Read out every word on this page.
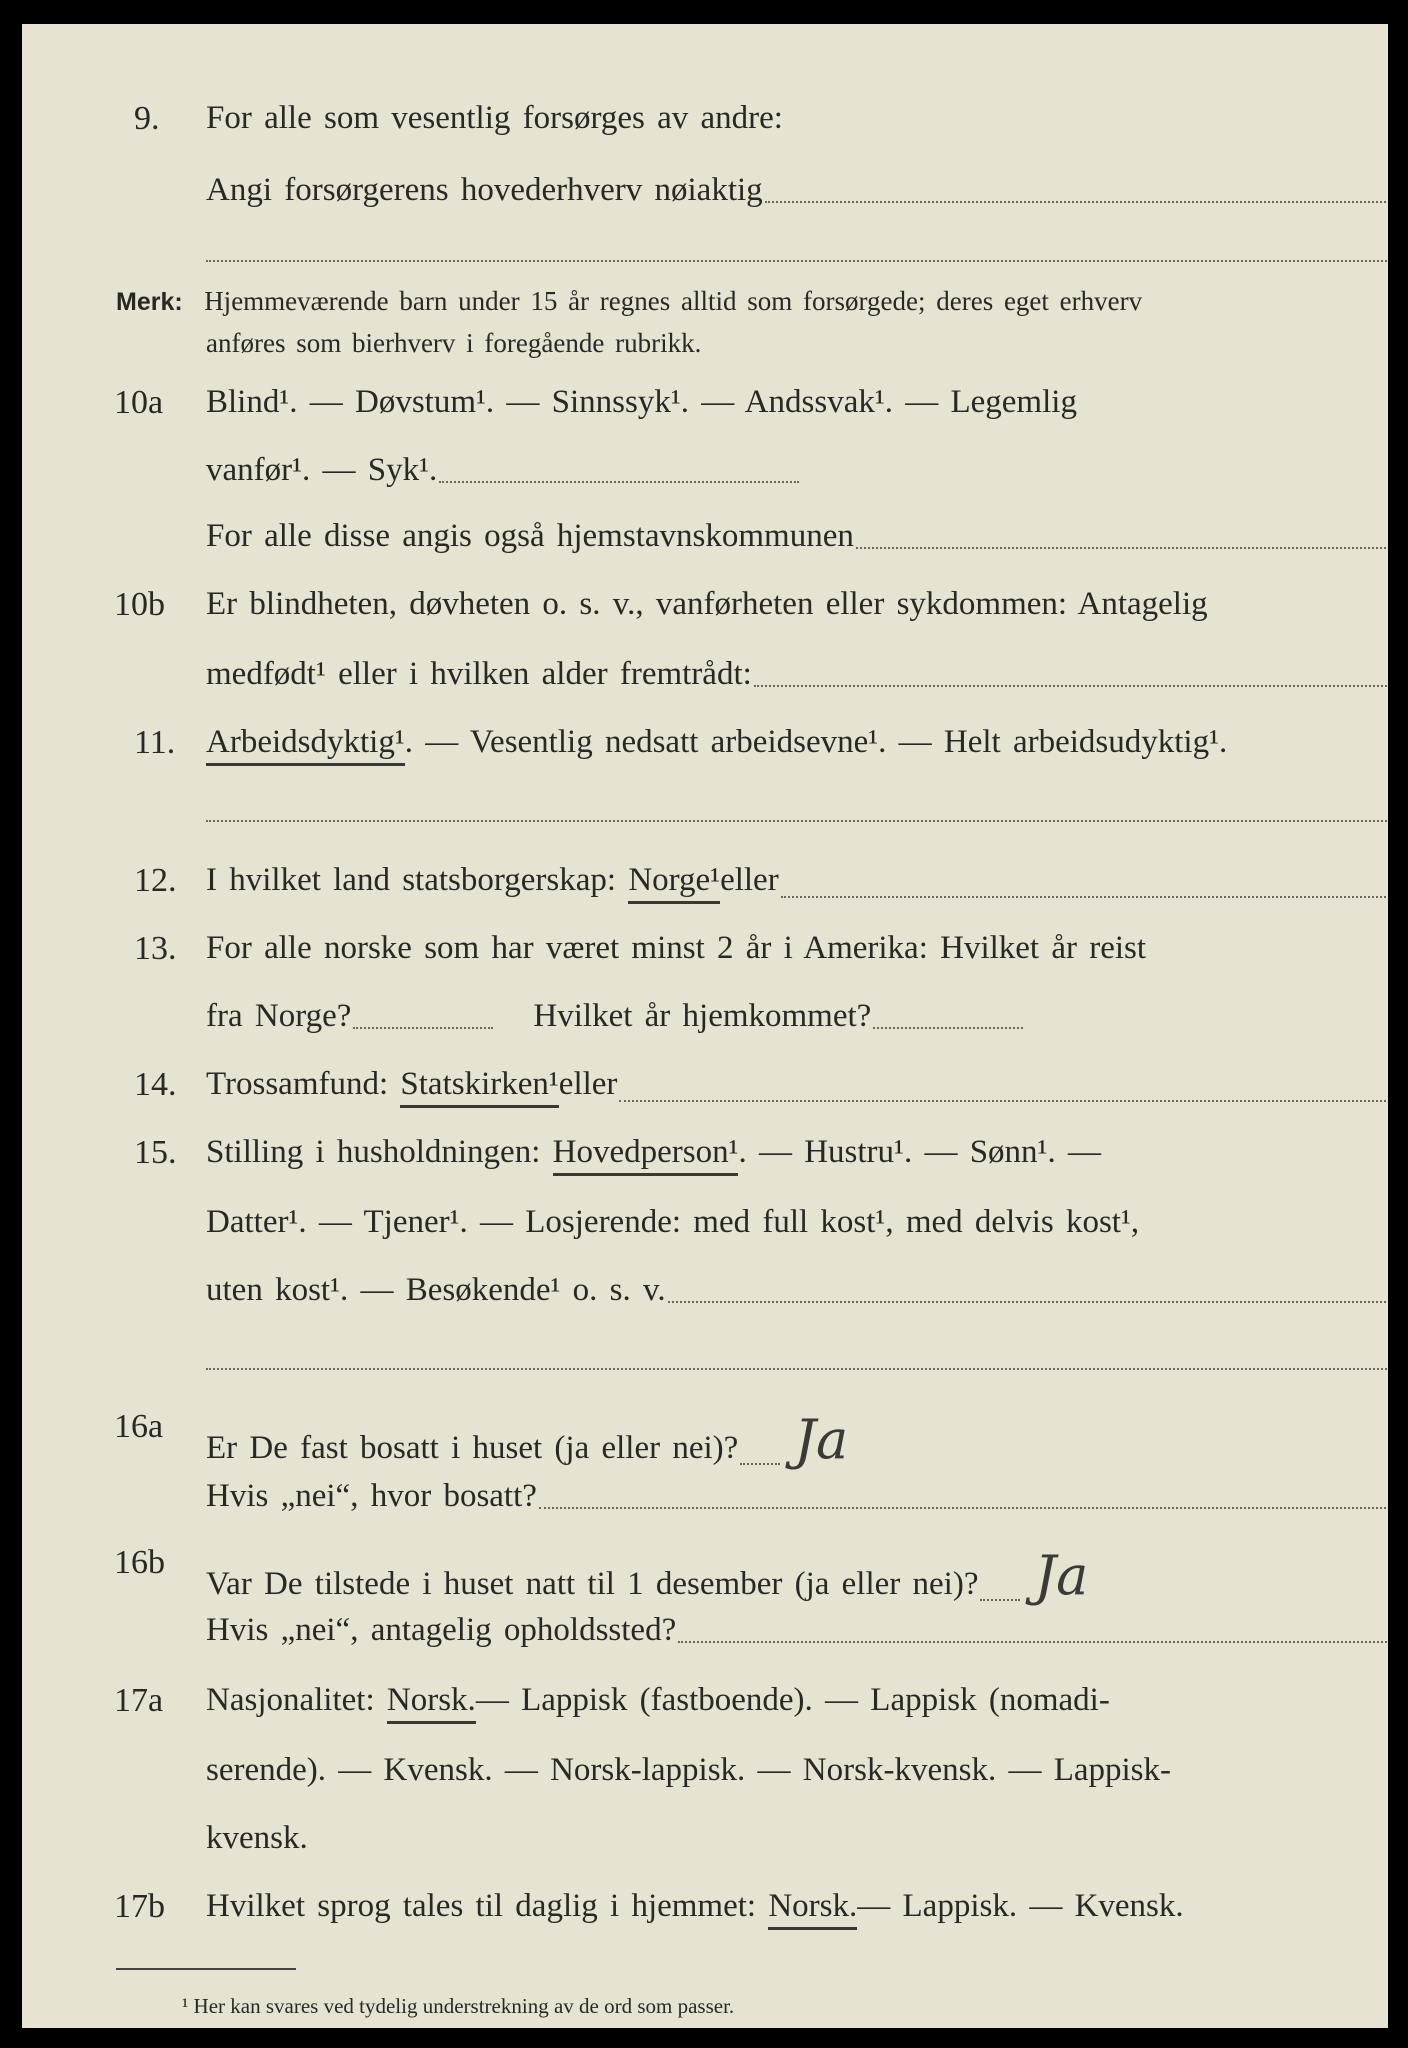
9. For alle som vesentlig forsørges av andre:
Angi forsørgerens hovederhverv nøiaktig
Merk:
Hjemmeværende barn under 15 år regnes alltid som forsørgede; deres eget erhverv
anføres som bierhverv i foregående rubrikk.
10a Blind¹. — Døvstum¹. — Sinnssyk¹. — Andssvak¹. — Legemlig
vanfør¹. — Syk¹.
For alle disse angis også hjemstavnskommunen
10b Er blindheten, døvheten o. s. v., vanførheten eller sykdommen: Antagelig
medfødt¹ eller i hvilken alder fremtrådt:
11. Arbeidsdyktig¹ . — Vesentlig nedsatt arbeidsevne¹. — Helt arbeidsudyktig¹.
12. I hvilket land statsborgerskap:
Norge¹ eller
13. For alle norske som har været minst 2 år i Amerika: Hvilket år reist
fra Norge?	Hvilket år hjemkommet?
14. Trossamfund:
Statskirken¹ eller
15. Stilling i husholdningen:
Hovedperson¹ . — Hustru¹. — Sønn¹. —
Datter¹. — Tjener¹. — Losjerende: med full kost¹, med delvis kost¹,
uten kost¹. — Besøkende¹ o. s. v.
16a
Er De fast bosatt i huset (ja eller nei)? Ja
Hvis „nei“, hvor bosatt?
16b
Var De tilstede i huset natt til 1 desember (ja eller nei)? Ja
Hvis „nei“, antagelig opholdssted?
17a Nasjonalitet:
Norsk. — Lappisk (fastboende). — Lappisk (nomadi-
serende). — Kvensk. — Norsk-lappisk. — Norsk-kvensk. — Lappisk-
kvensk.
17b Hvilket sprog tales til daglig i hjemmet:
Norsk. — Lappisk. — Kvensk.
¹ Her kan svares ved tydelig understrekning av de ord som passer.
